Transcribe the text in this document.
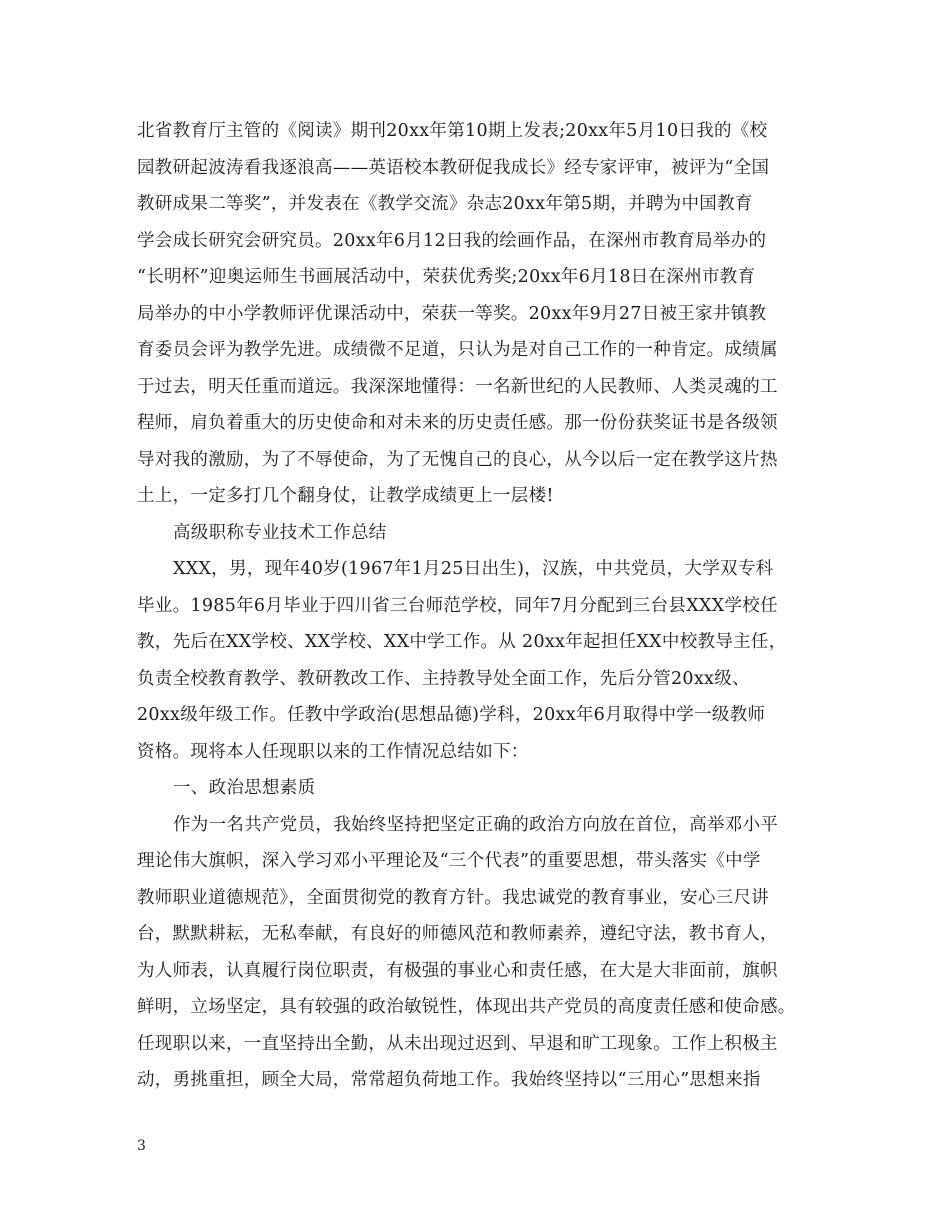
北省教育厅主管的《阅读》期刊20xx年第10期上发表;20xx年5月10日我的《校
园教研起波涛看我逐浪高——英语校本教研促我成长》经专家评审，被评为“全国
教研成果二等奖”，并发表在《教学交流》杂志20xx年第5期，并聘为中国教育
学会成长研究会研究员。20xx年6月12日我的绘画作品，在深州市教育局举办的
“长明杯”迎奥运师生书画展活动中，荣获优秀奖;20xx年6月18日在深州市教育
局举办的中小学教师评优课活动中，荣获一等奖。20xx年9月27日被王家井镇教
育委员会评为教学先进。成绩微不足道，只认为是对自己工作的一种肯定。成绩属
于过去，明天任重而道远。我深深地懂得：一名新世纪的人民教师、人类灵魂的工
程师，肩负着重大的历史使命和对未来的历史责任感。那一份份获奖证书是各级领
导对我的激励，为了不辱使命，为了无愧自己的良心，从今以后一定在教学这片热
土上，一定多打几个翻身仗，让教学成绩更上一层楼!
高级职称专业技术工作总结
XXX，男，现年40岁(1967年1月25日出生)，汉族，中共党员，大学双专科
毕业。1985年6月毕业于四川省三台师范学校，同年7月分配到三台县XXX学校任
教，先后在XX学校、XX学校、XX中学工作。从 20xx年起担任XX中校教导主任，
负责全校教育教学、教研教改工作、主持教导处全面工作，先后分管20xx级、
20xx级年级工作。任教中学政治(思想品德)学科，20xx年6月取得中学一级教师
资格。现将本人任现职以来的工作情况总结如下：
一、政治思想素质
作为一名共产党员，我始终坚持把坚定正确的政治方向放在首位，高举邓小平
理论伟大旗帜，深入学习邓小平理论及“三个代表”的重要思想，带头落实《中学
教师职业道德规范》，全面贯彻党的教育方针。我忠诚党的教育事业，安心三尺讲
台，默默耕耘，无私奉献，有良好的师德风范和教师素养，遵纪守法，教书育人，
为人师表，认真履行岗位职责，有极强的事业心和责任感，在大是大非面前，旗帜
鲜明，立场坚定，具有较强的政治敏锐性，体现出共产党员的高度责任感和使命感。
任现职以来，一直坚持出全勤，从未出现过迟到、早退和旷工现象。工作上积极主
动，勇挑重担，顾全大局，常常超负荷地工作。我始终坚持以“三用心”思想来指
3
